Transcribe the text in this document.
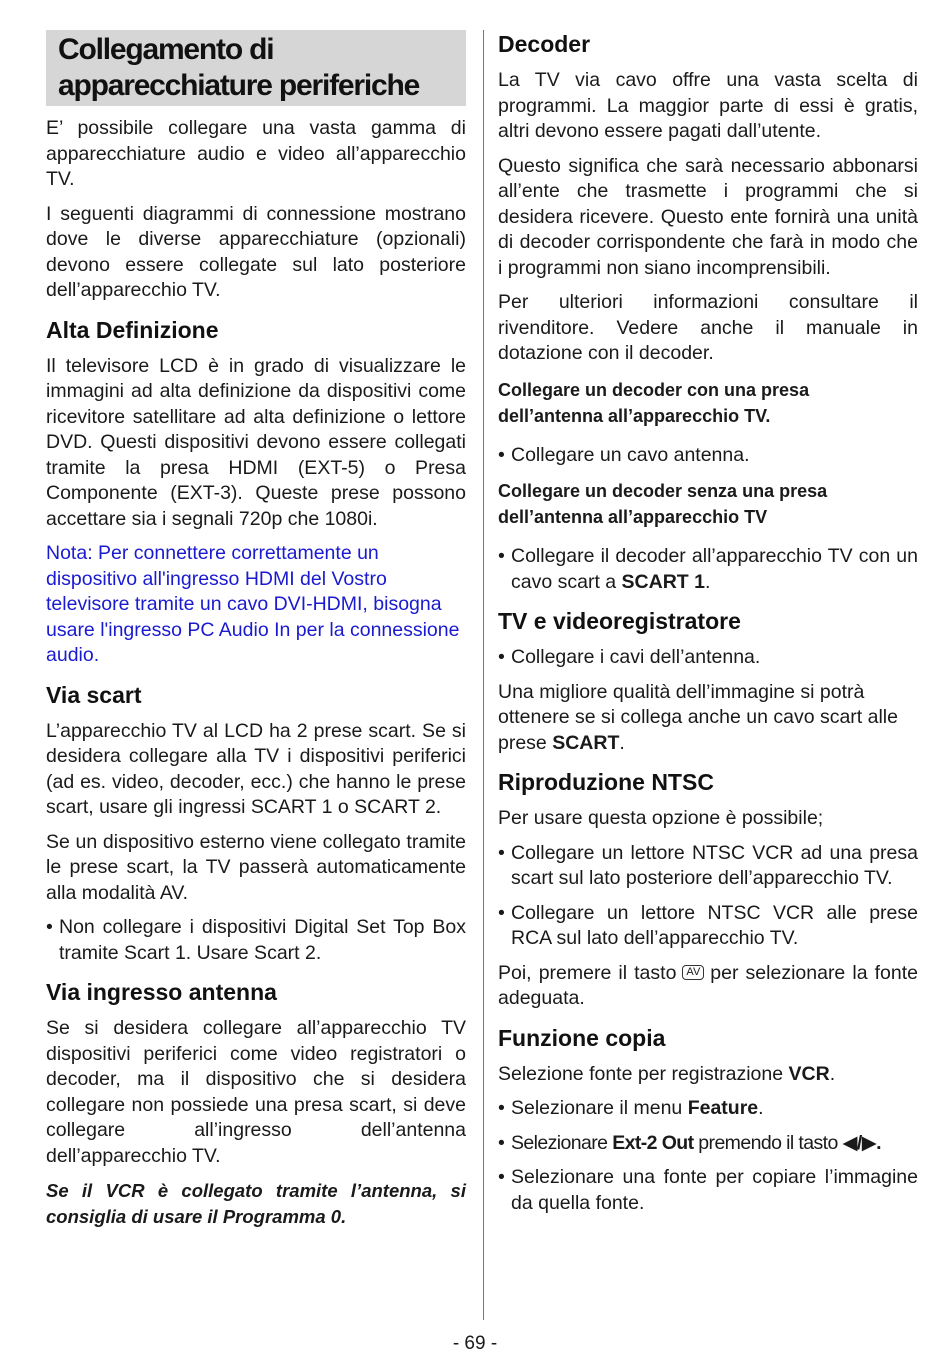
Collegamento di apparecchiature periferiche

E’ possibile collegare una vasta gamma di apparecchiature audio e video all’apparecchio TV.

I seguenti diagrammi di connessione mostrano dove le diverse apparecchiature (opzionali) devono essere collegate sul lato posteriore dell’apparecchio TV.

Alta Definizione

Il televisore LCD è in grado di visualizzare le immagini ad alta definizione da dispositivi come ricevitore satellitare ad alta definizione o lettore DVD. Questi dispositivi devono essere collegati tramite la presa HDMI (EXT-5) o Presa Componente (EXT-3). Queste prese possono accettare sia i segnali 720p che 1080i.

Nota: Per connettere correttamente un dispositivo all'ingresso HDMI del Vostro televisore tramite un cavo DVI-HDMI, bisogna usare l'ingresso PC Audio In per la connessione audio.

Via scart

L’apparecchio TV al LCD ha 2 prese scart. Se si desidera collegare alla TV i dispositivi periferici (ad es. video, decoder, ecc.) che hanno le prese scart, usare gli ingressi SCART 1 o SCART 2.

Se un dispositivo esterno viene collegato tramite le prese scart, la TV passerà automaticamente alla modalità AV.

• Non collegare i dispositivi Digital Set Top Box tramite Scart 1. Usare Scart 2.
Via ingresso antenna

Se si desidera collegare all’apparecchio TV dispositivi periferici come video registratori o decoder, ma il dispositivo che si desidera collegare non possiede una presa scart, si deve collegare all’ingresso dell’antenna dell’apparecchio TV.

Se il VCR è collegato tramite l’antenna, si consiglia di usare il Programma 0.

Decoder

La TV via cavo offre una vasta scelta di programmi. La maggior parte di essi è gratis, altri devono essere pagati dall’utente.

Questo significa che sarà necessario abbonarsi all’ente che trasmette i programmi che si desidera ricevere. Questo ente fornirà una unità di decoder corrispondente che farà in modo che i programmi non siano incomprensibili.

Per ulteriori informazioni consultare il rivenditore. Vedere anche il manuale in dotazione con il decoder.

Collegare un decoder con una presa dell’antenna all’apparecchio TV.
• Collegare un cavo antenna.
Collegare un decoder senza una presa dell’antenna all’apparecchio TV
• Collegare il decoder all’apparecchio TV con un cavo scart a SCART 1.
TV e videoregistratore
• Collegare i cavi dell’antenna.

Una migliore qualità dell’immagine si potrà ottenere se si collega anche un cavo scart alle prese SCART.

Riproduzione NTSC

Per usare questa opzione è possibile;

• Collegare un lettore NTSC VCR ad una presa scart sul lato posteriore dell’apparecchio TV.
• Collegare un lettore NTSC VCR alle prese RCA sul lato dell’apparecchio TV.

Poi, premere il tasto AV per selezionare la fonte adeguata.

Funzione copia

Selezione fonte per registrazione VCR.

• Selezionare il menu Feature.
• Selezionare Ext-2 Out premendo il tasto ◀/▶.
• Selezionare una fonte per copiare l’immagine da quella fonte.
- 69 -
